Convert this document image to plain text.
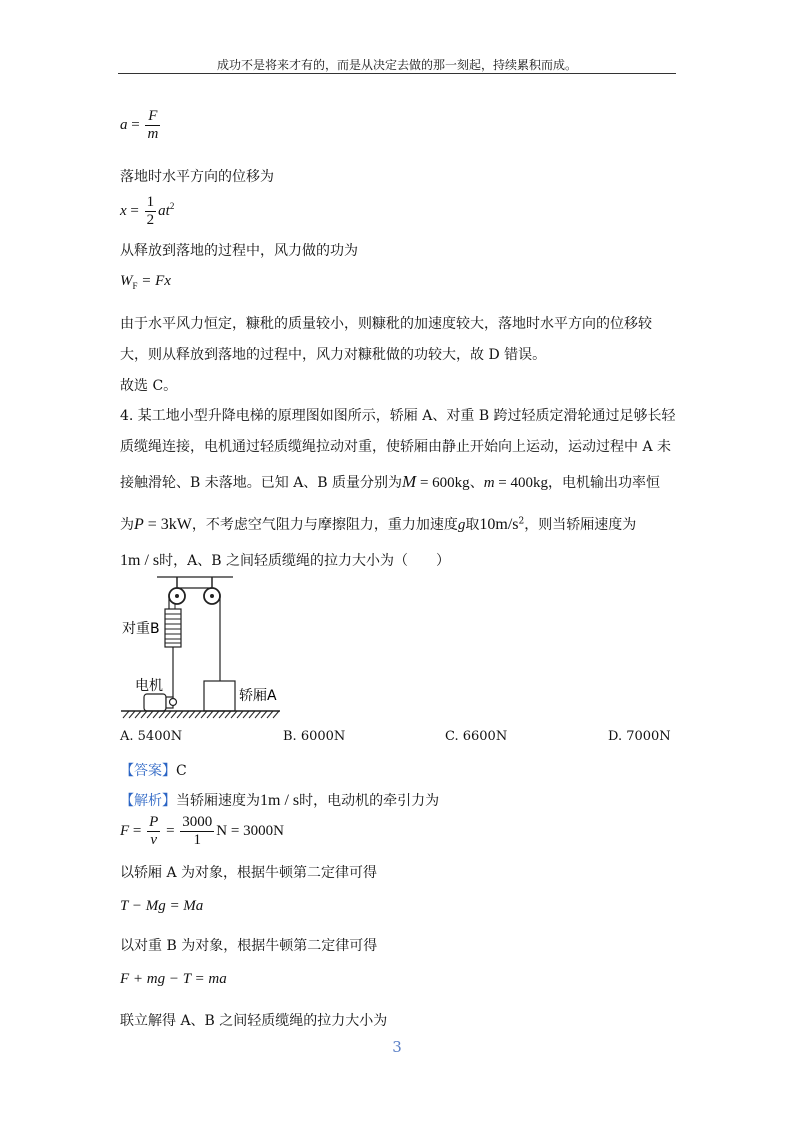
成功不是将来才有的，而是从决定去做的那一刻起，持续累积而成。
$a = \frac{F}{m}$
落地时水平方向的位移为
$x = \frac{1}{2} at^2$
从释放到落地的过程中，风力做的功为
$W_F = Fx$
由于水平风力恒定，糠秕的质量较小，则糠秕的加速度较大，落地时水平方向的位移较
大，则从释放到落地的过程中，风力对糠秕做的功较大，故 D 错误。
故选 C。
4. 某工地小型升降电梯的原理图如图所示，轿厢 A、对重 B 跨过轻质定滑轮通过足够长轻
质缆绳连接，电机通过轻质缆绳拉动对重，使轿厢由静止开始向上运动，运动过程中 A 未
接触滑轮、B 未落地。已知 A、B 质量分别为M = 600kg、m = 400kg，电机输出功率恒
为P = 3kW，不考虑空气阻力与摩擦阻力，重力加速度g取$10m/s^2$，则当轿厢速度为
1m / s时，A、B 之间轻质缆绳的拉力大小为（　　）
对重B
电机
轿厢A
A. 5400N	B. 6000N	C. 6600N	D. 7000N
【答案】C
【解析】当轿厢速度为1m / s时，电动机的牵引力为
$F = \frac{P}{v} = \frac{3000}{1}$ N = 3000N
以轿厢 A 为对象，根据牛顿第二定律可得
T − Mg = Ma
以对重 B 为对象，根据牛顿第二定律可得
F + mg − T = ma
联立解得 A、B 之间轻质缆绳的拉力大小为
3
